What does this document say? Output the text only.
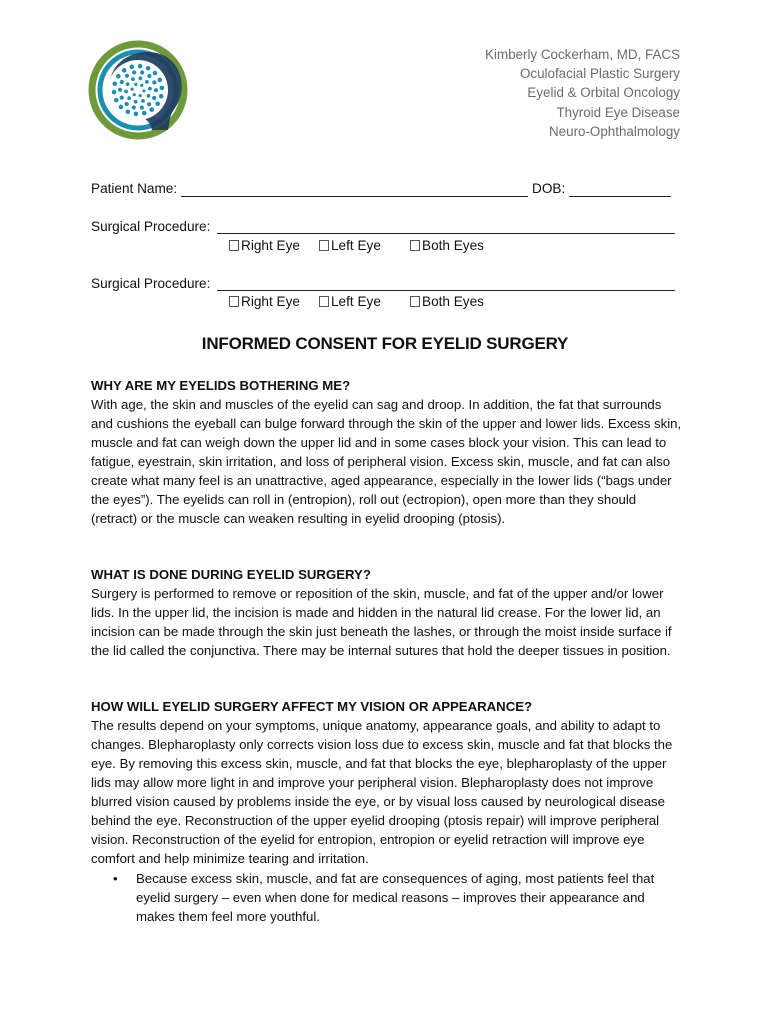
Kimberly Cockerham, MD, FACS
Oculofacial Plastic Surgery
Eyelid & Orbital Oncology
Thyroid Eye Disease
Neuro-Ophthalmology
Patient Name:	DOB:
Surgical Procedure:
Right Eye Left Eye	Both Eyes
Surgical Procedure:
Right Eye Left Eye	Both Eyes
INFORMED CONSENT FOR EYELID SURGERY
WHY ARE MY EYELIDS BOTHERING ME?

With age, the skin and muscles of the eyelid can sag and droop. In addition, the fat that surrounds and cushions the eyeball can bulge forward through the skin of the upper and lower lids. Excess skin, muscle and fat can weigh down the upper lid and in some cases block your vision. This can lead to fatigue, eyestrain, skin irritation, and loss of peripheral vision. Excess skin, muscle, and fat can also create what many feel is an unattractive, aged appearance, especially in the lower lids (“bags under the eyes”). The eyelids can roll in (entropion), roll out (ectropion), open more than they should (retract) or the muscle can weaken resulting in eyelid drooping (ptosis).

WHAT IS DONE DURING EYELID SURGERY?

Surgery is performed to remove or reposition of the skin, muscle, and fat of the upper and/or lower lids. In the upper lid, the incision is made and hidden in the natural lid crease. For the lower lid, an incision can be made through the skin just beneath the lashes, or through the moist inside surface if the lid called the conjunctiva. There may be internal sutures that hold the deeper tissues in position.

HOW WILL EYELID SURGERY AFFECT MY VISION OR APPEARANCE?

The results depend on your symptoms, unique anatomy, appearance goals, and ability to adapt to changes. Blepharoplasty only corrects vision loss due to excess skin, muscle and fat that blocks the eye. By removing this excess skin, muscle, and fat that blocks the eye, blepharoplasty of the upper lids may allow more light in and improve your peripheral vision. Blepharoplasty does not improve blurred vision caused by problems inside the eye, or by visual loss caused by neurological disease behind the eye. Reconstruction of the upper eyelid drooping (ptosis repair) will improve peripheral vision. Reconstruction of the eyelid for entropion, entropion or eyelid retraction will improve eye comfort and help minimize tearing and irritation.

• Because excess skin, muscle, and fat are consequences of aging, most patients feel that eyelid surgery – even when done for medical reasons – improves their appearance and makes them feel more youthful.
